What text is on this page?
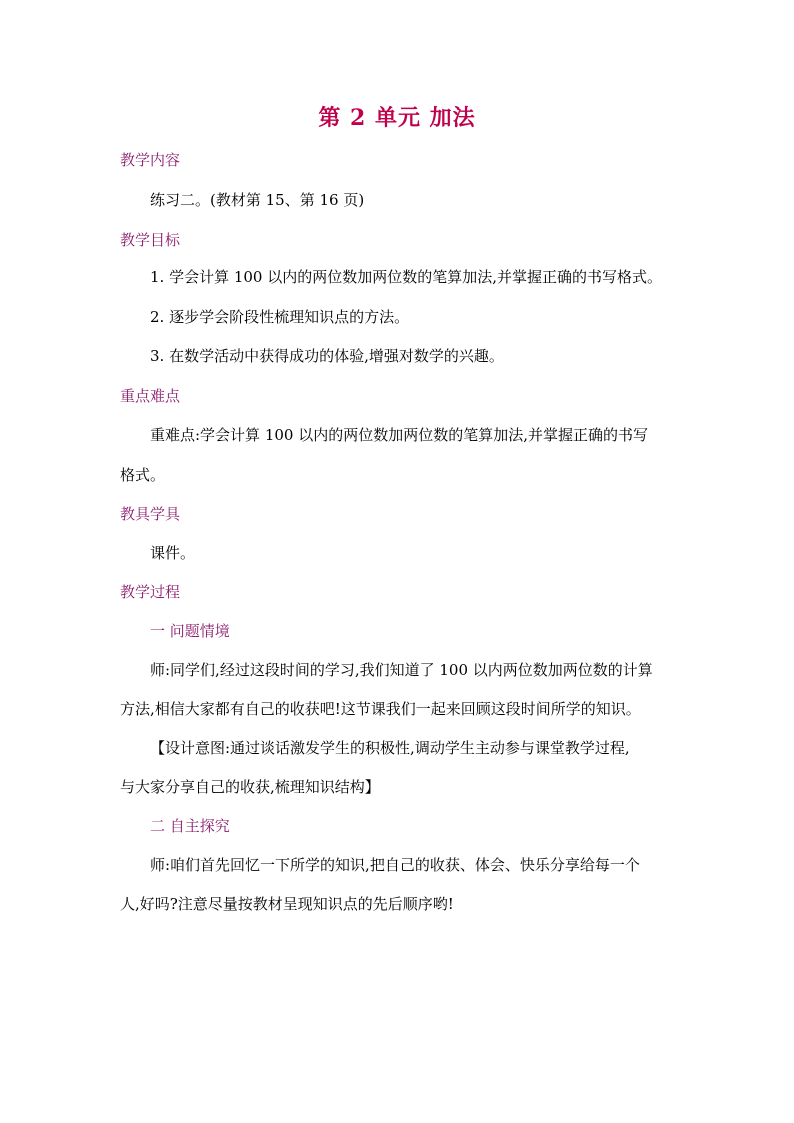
第 2 单元 加法
教学内容
练习二。(教材第 15、第 16 页)
教学目标
1. 学会计算 100 以内的两位数加两位数的笔算加法,并掌握正确的书写格式。
2. 逐步学会阶段性梳理知识点的方法。
3. 在数学活动中获得成功的体验,增强对数学的兴趣。
重点难点
重难点:学会计算 100 以内的两位数加两位数的笔算加法,并掌握正确的书写
格式。
教具学具
课件。
教学过程
一 问题情境
师:同学们,经过这段时间的学习,我们知道了 100 以内两位数加两位数的计算
方法,相信大家都有自己的收获吧!这节课我们一起来回顾这段时间所学的知识。
【设计意图:通过谈话激发学生的积极性,调动学生主动参与课堂教学过程,
与大家分享自己的收获,梳理知识结构】
二 自主探究
师:咱们首先回忆一下所学的知识,把自己的收获、体会、快乐分享给每一个
人,好吗?注意尽量按教材呈现知识点的先后顺序哟!
